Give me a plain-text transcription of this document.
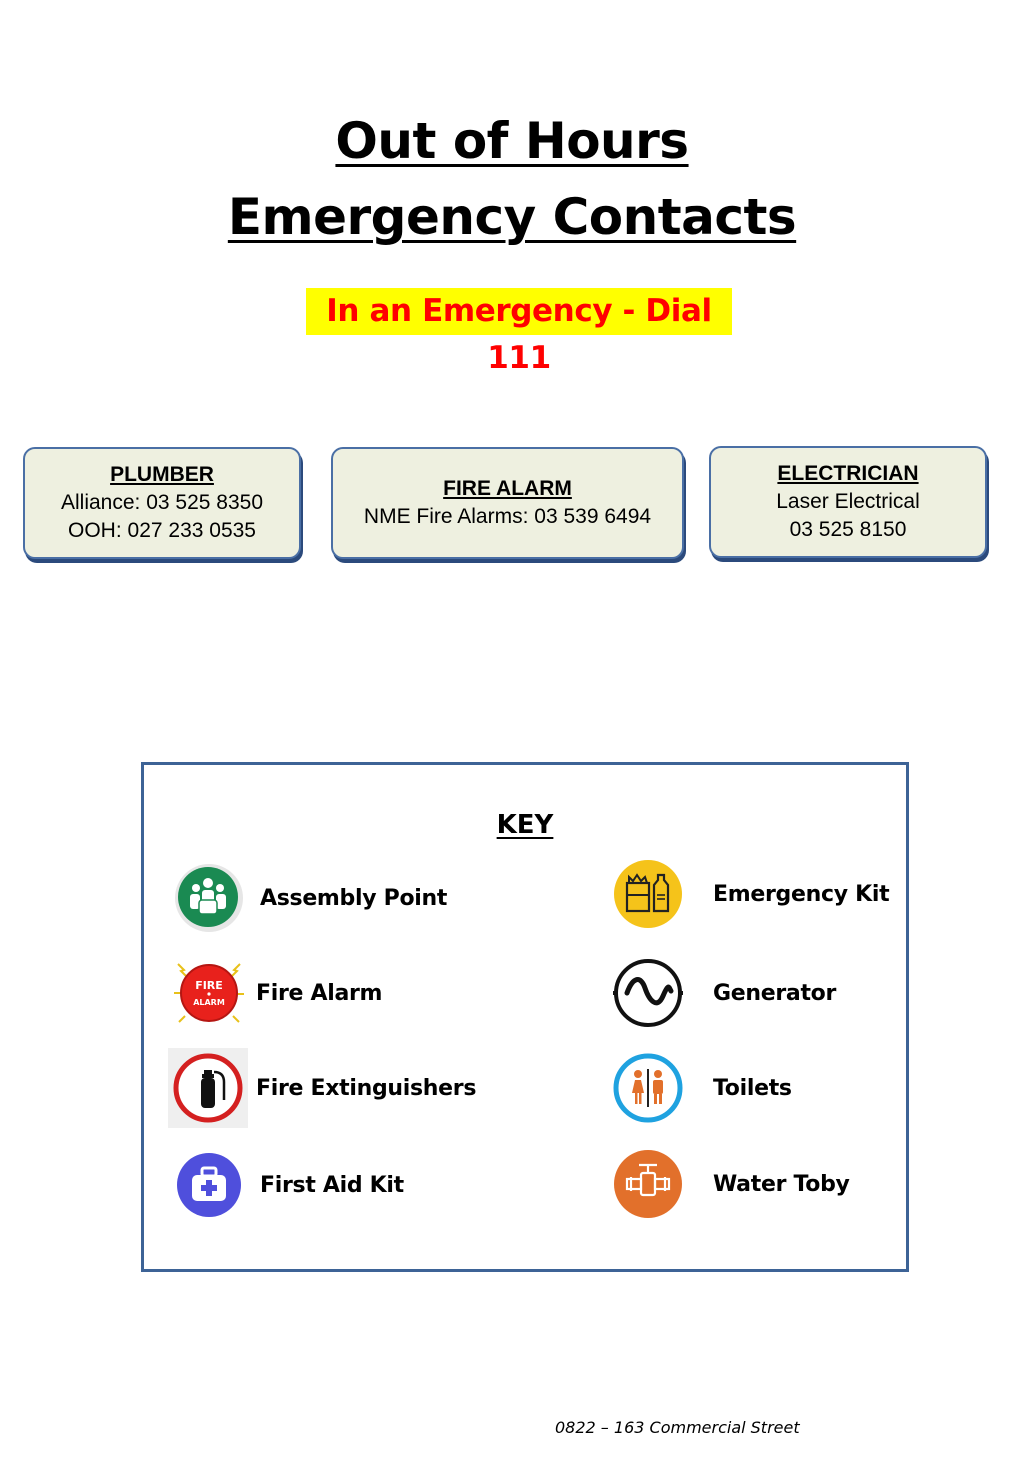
Out of Hours
Emergency Contacts
In an Emergency - Dial 111
PLUMBER
Alliance: 03 525 8350
OOH: 027 233 0535
FIRE ALARM
NME Fire Alarms: 03 539 6494
ELECTRICIAN
Laser Electrical
03 525 8150
KEY
Assembly Point
FIRE
ALARM Fire Alarm
Fire Extinguishers
First Aid Kit
Emergency Kit
Generator
Toilets
Water Toby
0822 – 163 Commercial Street
